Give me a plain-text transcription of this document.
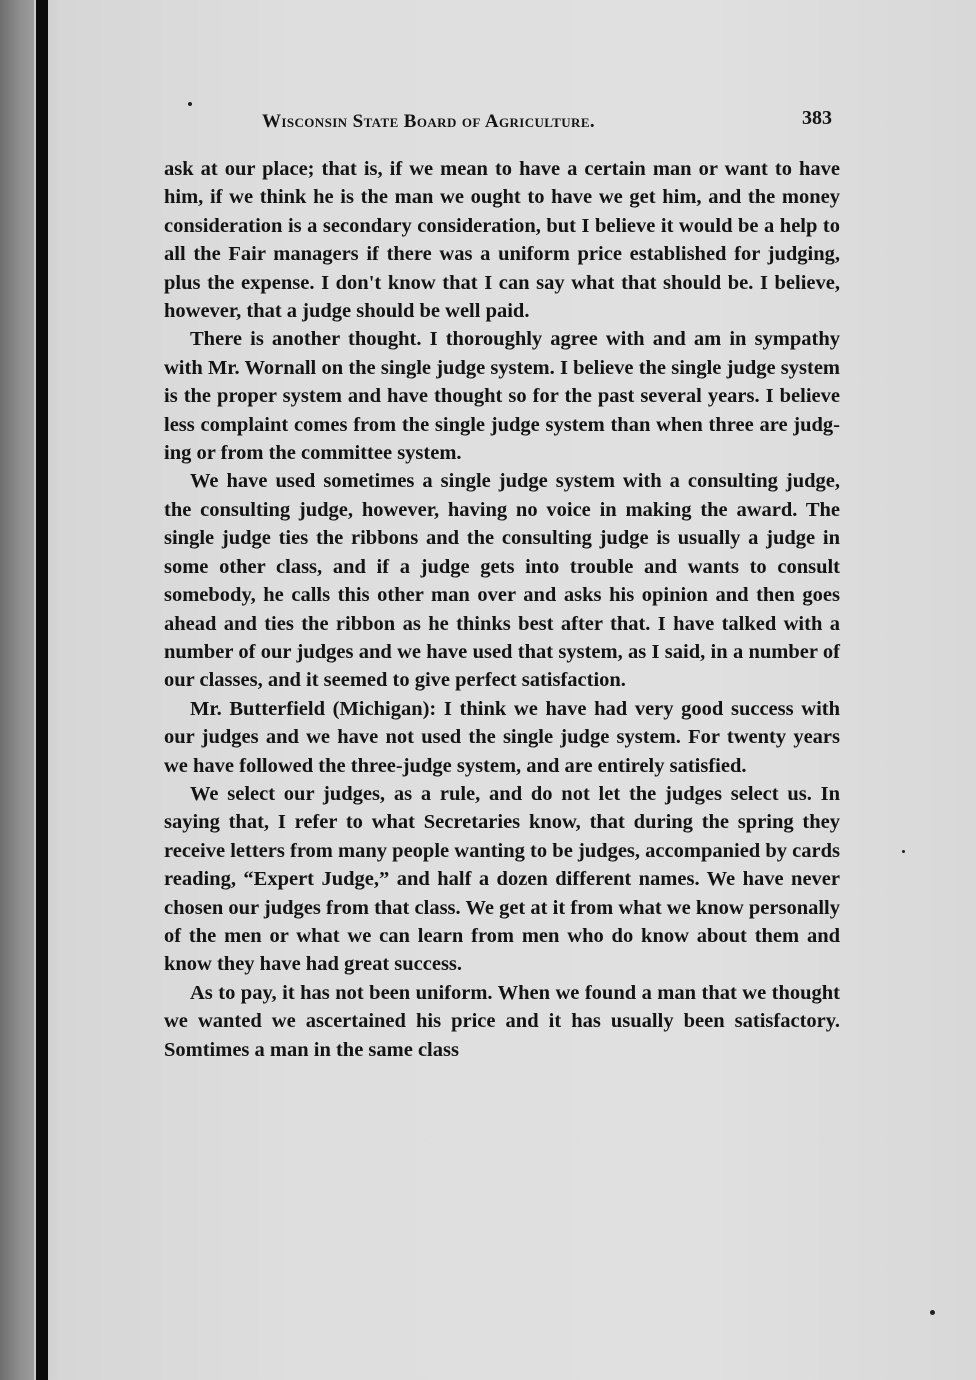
Wisconsin State Board of Agriculture.	383

ask at our place; that is, if we mean to have a certain man or want to have him, if we think he is the man we ought to have we get him, and the money consideration is a secondary consideration, but I believe it would be a help to all the Fair managers if there was a uniform price established for judging, plus the expense. I don't know that I can say what that should be. I believe, however, that a judge should be well paid.

There is another thought. I thoroughly agree with and am in sympathy with Mr. Wornall on the single judge system. I believe the single judge system is the proper system and have thought so for the past several years. I believe less complaint comes from the single judge system than when three are judging or from the committee system.

We have used sometimes a single judge system with a consulting judge, the consulting judge, however, having no voice in making the award. The single judge ties the ribbons and the consulting judge is usually a judge in some other class, and if a judge gets into trouble and wants to consult somebody, he calls this other man over and asks his opinion and then goes ahead and ties the ribbon as he thinks best after that. I have talked with a number of our judges and we have used that system, as I said, in a number of our classes, and it seemed to give perfect satisfaction.

Mr. Butterfield (Michigan): I think we have had very good success with our judges and we have not used the single judge system. For twenty years we have followed the three-judge system, and are entirely satisfied.

We select our judges, as a rule, and do not let the judges select us. In saying that, I refer to what Secretaries know, that during the spring they receive letters from many people wanting to be judges, accompanied by cards reading, “Expert Judge,” and half a dozen different names. We have never chosen our judges from that class. We get at it from what we know personally of the men or what we can learn from men who do know about them and know they have had great success.

As to pay, it has not been uniform. When we found a man that we thought we wanted we ascertained his price and it has usually been satisfactory. Somtimes a man in the same class
